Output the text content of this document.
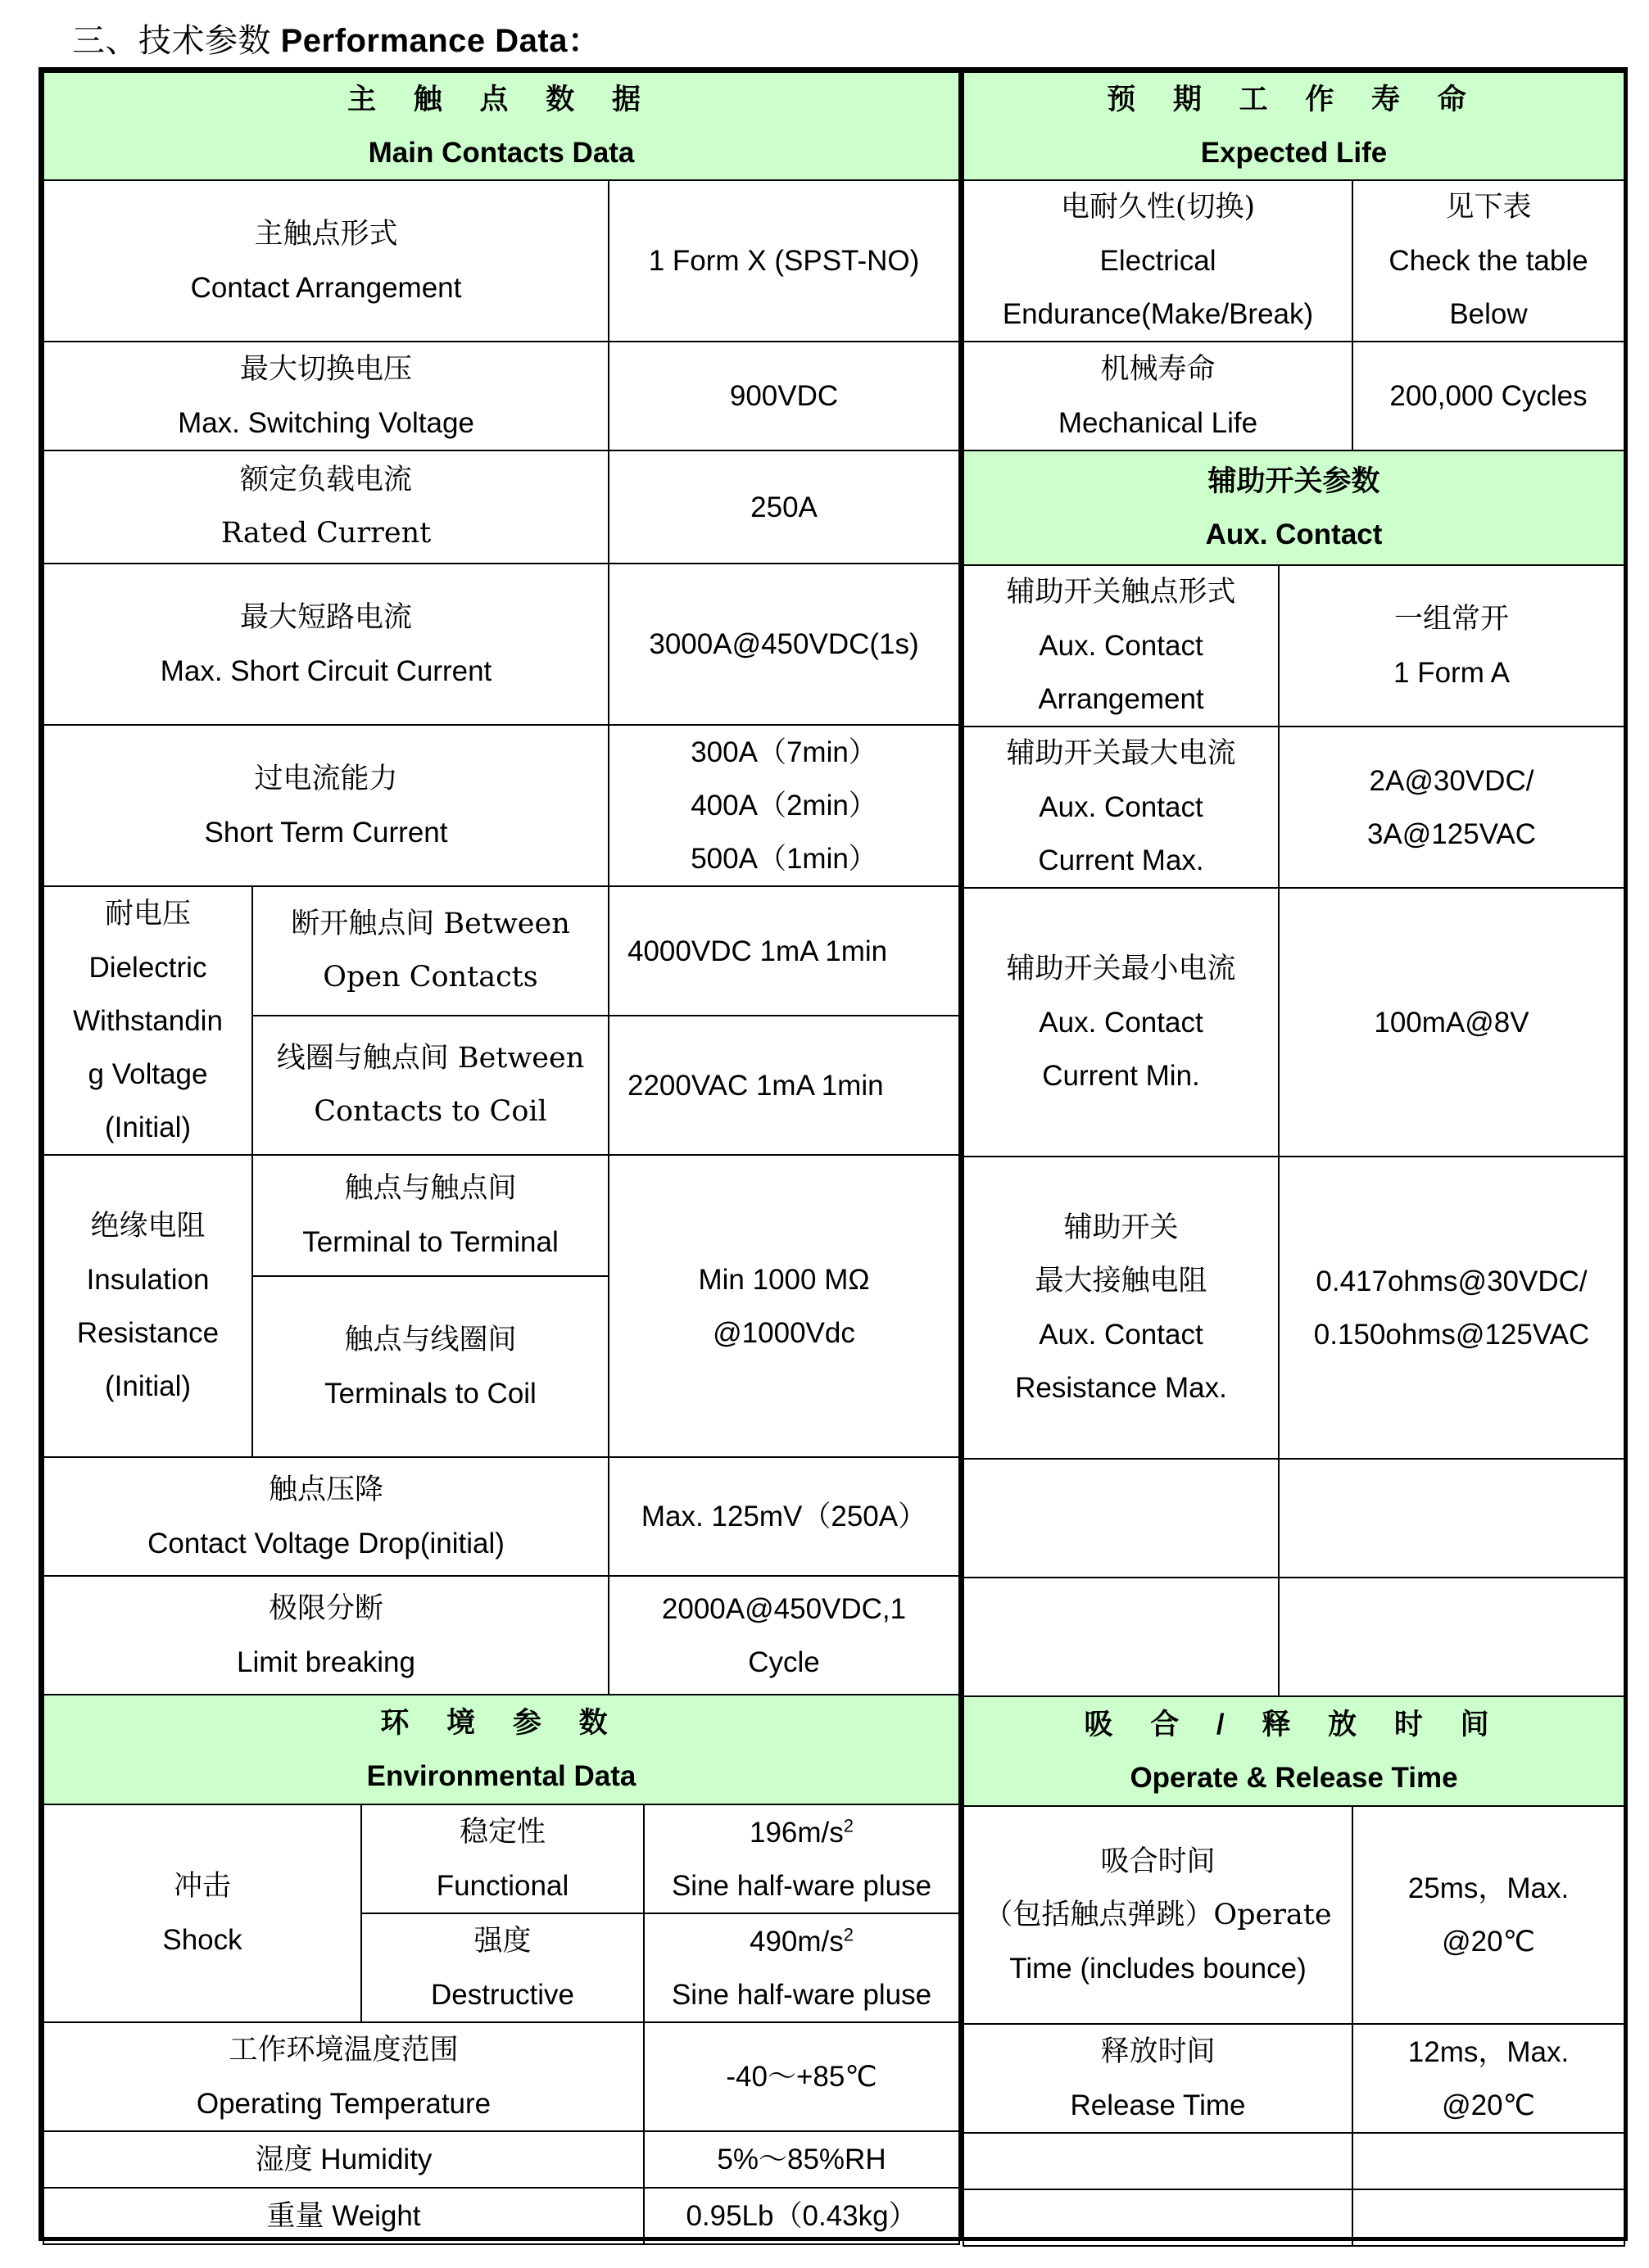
三、技术参数 Performance Data：
主 触 点 数 据
Main Contacts Data		

主触点形式
Contact Arrangement		1 Form X (SPST-NO)

最大切换电压
Max. Switching Voltage		900VDC

额定负载电流
Rated Current		250A

最大短路电流
Max. Short Circuit Current		3000A@450VDC(1s)

过电流能力
Short Term Current		300A（7min）
400A（2min）
500A（1min）

耐电压
Dielectric
Withstandin
g Voltage
(Initial)	断开触点间 Between
Open Contacts	4000VDC 1mA 1min

	线圈与触点间 Between
Contacts to Coil	2200VAC 1mA 1min

绝缘电阻
Insulation
Resistance
(Initial)	触点与触点间
Terminal to Terminal	Min 1000 MΩ
@1000Vdc

	触点与线圈间
Terminals to Coil	

触点压降
Contact Voltage Drop(initial)		Max. 125mV（250A）

极限分断
Limit breaking		2000A@450VDC,1
Cycle
环 境 参 数
Environmental Data		

冲击
Shock	稳定性
Functional	$196m/s^2$
Sine half-ware pluse

	强度
Destructive	$490m/s^2$
Sine half-ware pluse

工作环境温度范围
Operating Temperature		-40～+85℃
湿度 Humidity		5%～85%RH
重量 Weight		0.95Lb（0.43kg）
预 期 工 作 寿 命
Expected Life	

电耐久性(切换)
Electrical
Endurance(Make/Break)	见下表
Check the table
Below

机械寿命
Mechanical Life	200,000 Cycles
辅助开关参数
Aux. Contact	

辅助开关触点形式
Aux. Contact
Arrangement	一组常开
1 Form A

辅助开关最大电流
Aux. Contact
Current Max.	2A@30VDC/
3A@125VAC

辅助开关最小电流
Aux. Contact
Current Min.	100mA@8V

辅助开关
最大接触电阻
Aux. Contact
Resistance Max.	0.417ohms@30VDC/
0.150ohms@125VAC

吸 合 / 释 放 时 间
Operate & Release Time	

吸合时间
（包括触点弹跳）Operate
Time (includes bounce)	25ms，Max.
@20℃

释放时间
Release Time	12ms，Max.
@20℃
